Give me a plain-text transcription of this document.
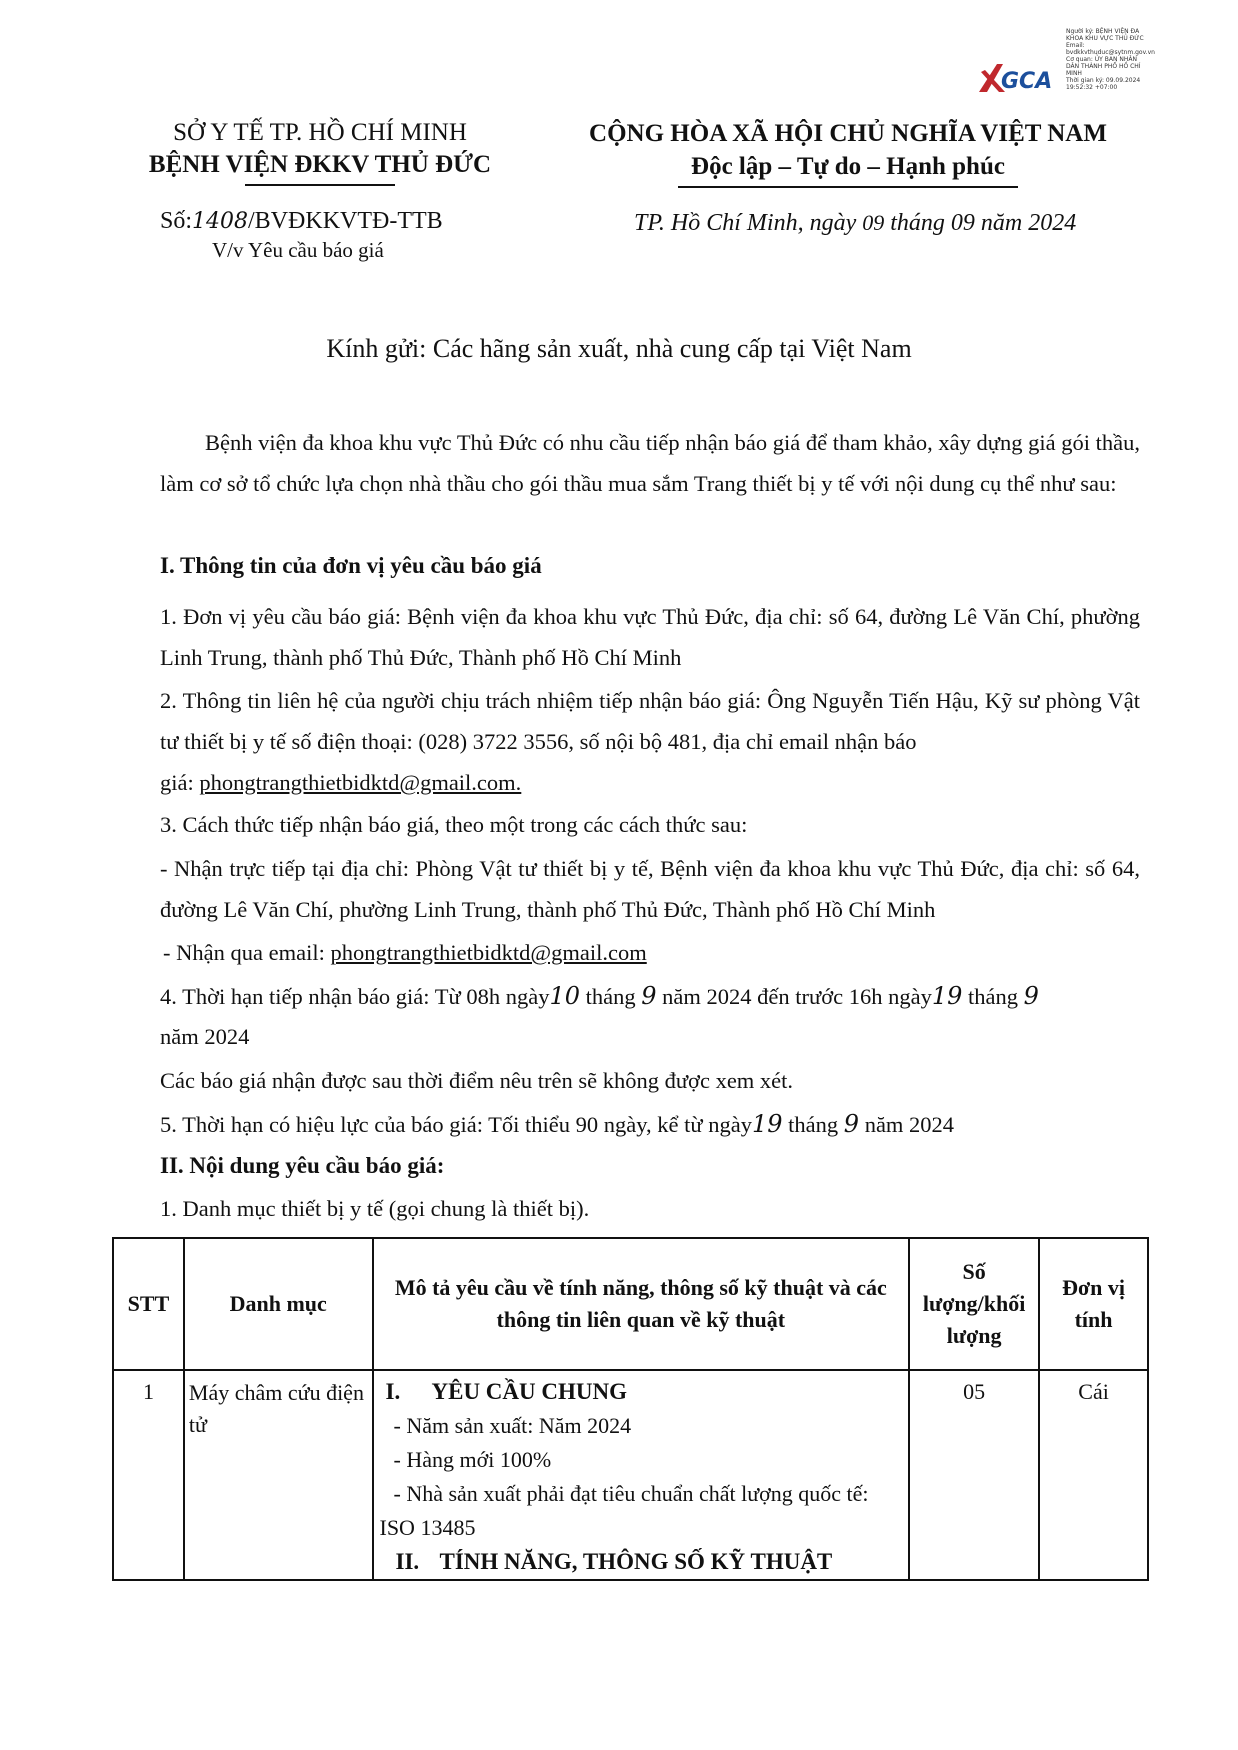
GCA
Người ký: BỆNH VIỆN ĐA KHOA KHU VỰC THỦ ĐỨC
Email: bvdkkvthuduc@sytnm.gov.vn
Cơ quan: ỦY BAN NHÂN DÂN THÀNH PHỐ HỒ CHÍ MINH
Thời gian ký: 09.09.2024 19:52:32 +07:00
SỞ Y TẾ TP. HỒ CHÍ MINH
BỆNH VIỆN ĐKKV THỦ ĐỨC
CỘNG HÒA XÃ HỘI CHỦ NGHĨA VIỆT NAM
Độc lập – Tự do – Hạnh phúc
Số:1408/BVĐKKVTĐ-TTB
V/v Yêu cầu báo giá
TP. Hồ Chí Minh, ngày 09 tháng 09 năm 2024
Kính gửi: Các hãng sản xuất, nhà cung cấp tại Việt Nam
Bệnh viện đa khoa khu vực Thủ Đức có nhu cầu tiếp nhận báo giá để tham khảo, xây dựng giá gói thầu, làm cơ sở tổ chức lựa chọn nhà thầu cho gói thầu mua sắm Trang thiết bị y tế với nội dung cụ thể như sau:
I. Thông tin của đơn vị yêu cầu báo giá
1. Đơn vị yêu cầu báo giá: Bệnh viện đa khoa khu vực Thủ Đức, địa chỉ: số 64, đường Lê Văn Chí, phường Linh Trung, thành phố Thủ Đức, Thành phố Hồ Chí Minh
2. Thông tin liên hệ của người chịu trách nhiệm tiếp nhận báo giá: Ông Nguyễn Tiến Hậu, Kỹ sư phòng Vật tư thiết bị y tế số điện thoại: (028) 3722 3556, số nội bộ 481, địa chỉ email nhận báo
giá: phongtrangthietbidktd@gmail.com.
3. Cách thức tiếp nhận báo giá, theo một trong các cách thức sau:
- Nhận trực tiếp tại địa chỉ: Phòng Vật tư thiết bị y tế, Bệnh viện đa khoa khu vực Thủ Đức, địa chỉ: số 64, đường Lê Văn Chí, phường Linh Trung, thành phố Thủ Đức, Thành phố Hồ Chí Minh
- Nhận qua email: phongtrangthietbidktd@gmail.com
4. Thời hạn tiếp nhận báo giá: Từ 08h ngày10 tháng 9 năm 2024 đến trước 16h ngày19 tháng 9
năm 2024
Các báo giá nhận được sau thời điểm nêu trên sẽ không được xem xét.
5. Thời hạn có hiệu lực của báo giá: Tối thiểu 90 ngày, kể từ ngày19 tháng 9 năm 2024
II. Nội dung yêu cầu báo giá:
1. Danh mục thiết bị y tế (gọi chung là thiết bị).
STT	Danh mục	Mô tả yêu cầu về tính năng, thông số kỹ thuật và các thông tin liên quan về kỹ thuật	Số lượng/khối lượng	Đơn vị tính
1	Máy châm cứu điện tử	I. YÊU CẦU CHUNG
- Năm sản xuất: Năm 2024
- Hàng mới 100%
- Nhà sản xuất phải đạt tiêu chuẩn chất lượng quốc tế: ISO 13485
II. TÍNH NĂNG, THÔNG SỐ KỸ THUẬT	05	Cái
